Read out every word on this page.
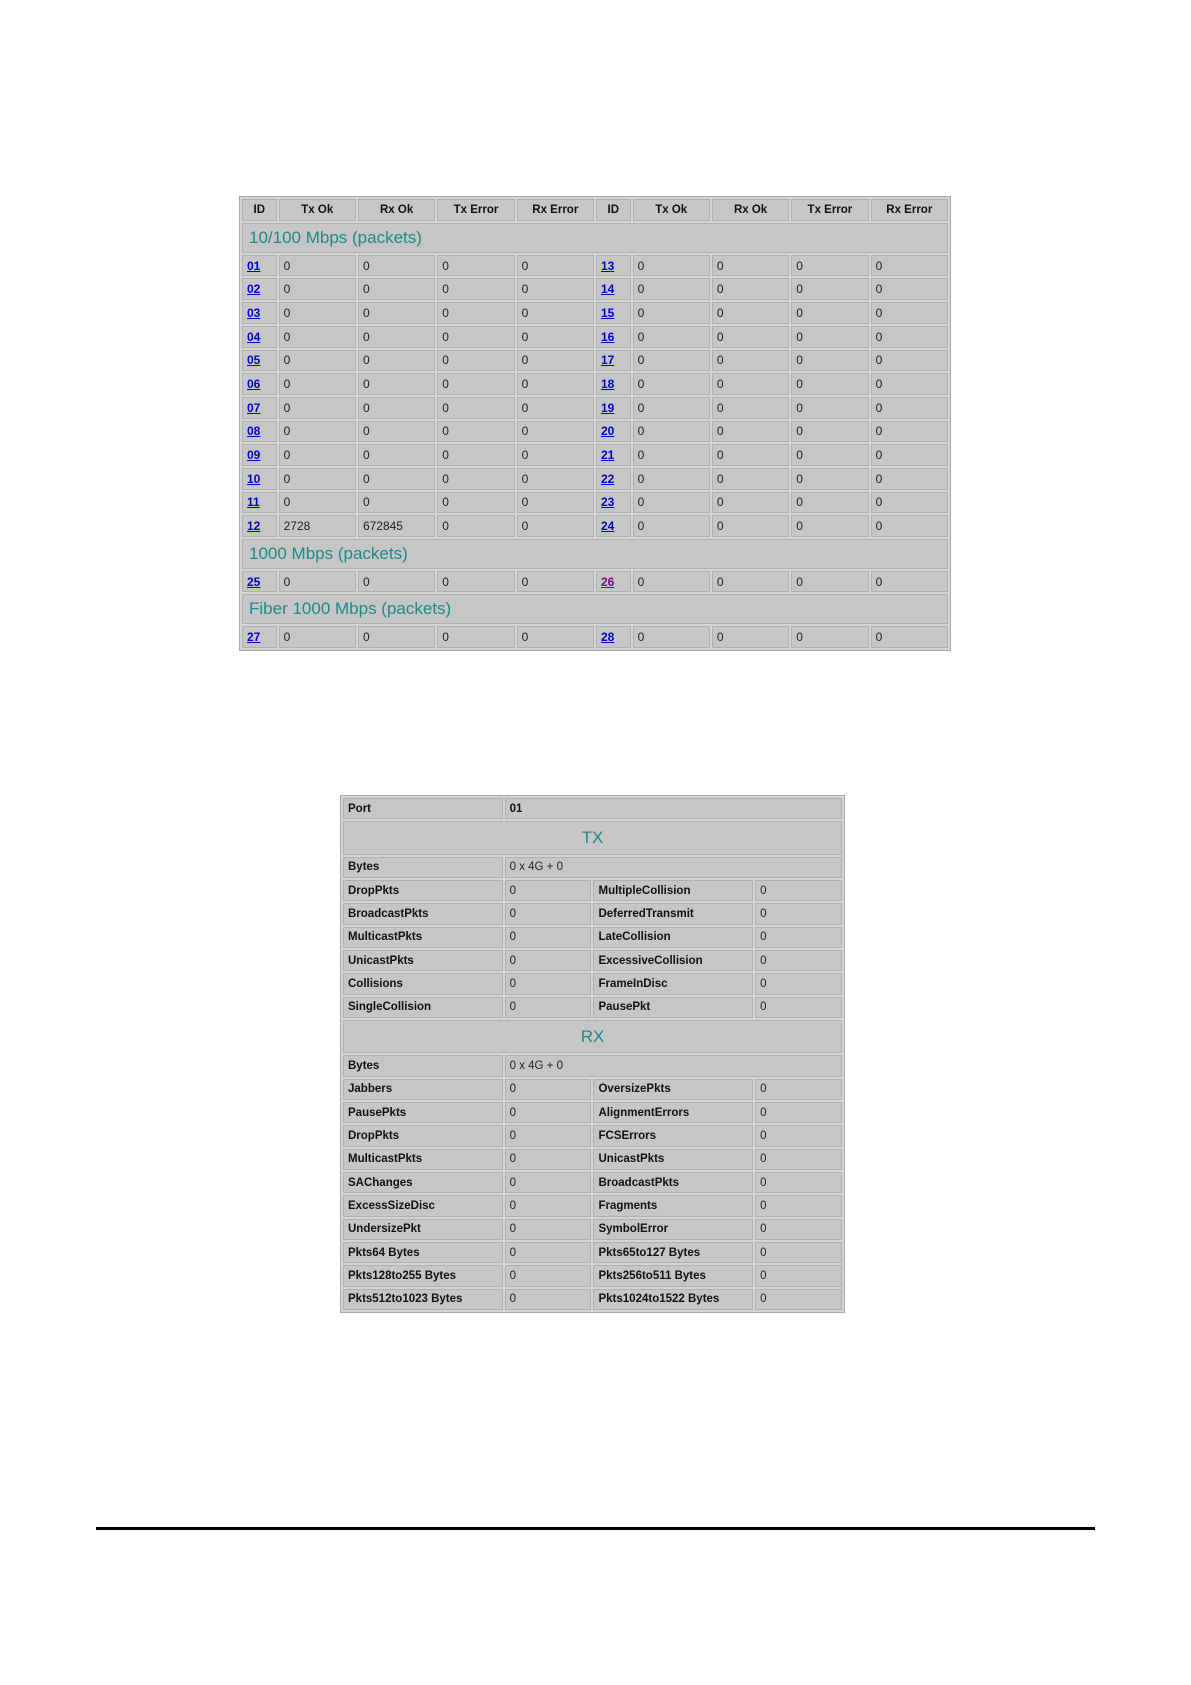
ID	Tx Ok	Rx Ok	Tx Error	Rx Error	ID	Tx Ok	Rx Ok	Tx Error	Rx Error
10/100 Mbps (packets)									
01	0	0	0	0	13	0	0	0	0
02	0	0	0	0	14	0	0	0	0
03	0	0	0	0	15	0	0	0	0
04	0	0	0	0	16	0	0	0	0
05	0	0	0	0	17	0	0	0	0
06	0	0	0	0	18	0	0	0	0
07	0	0	0	0	19	0	0	0	0
08	0	0	0	0	20	0	0	0	0
09	0	0	0	0	21	0	0	0	0
10	0	0	0	0	22	0	0	0	0
11	0	0	0	0	23	0	0	0	0
12	2728	672845	0	0	24	0	0	0	0
1000 Mbps (packets)									
25	0	0	0	0	26	0	0	0	0
Fiber 1000 Mbps (packets)									
27	0	0	0	0	28	0	0	0	0
Port	01		
TX			
Bytes	0 x 4G + 0		
DropPkts	0	MultipleCollision	0
BroadcastPkts	0	DeferredTransmit	0
MulticastPkts	0	LateCollision	0
UnicastPkts	0	ExcessiveCollision	0
Collisions	0	FrameInDisc	0
SingleCollision	0	PausePkt	0
RX			
Bytes	0 x 4G + 0		
Jabbers	0	OversizePkts	0
PausePkts	0	AlignmentErrors	0
DropPkts	0	FCSErrors	0
MulticastPkts	0	UnicastPkts	0
SAChanges	0	BroadcastPkts	0
ExcessSizeDisc	0	Fragments	0
UndersizePkt	0	SymbolError	0
Pkts64 Bytes	0	Pkts65to127 Bytes	0
Pkts128to255 Bytes	0	Pkts256to511 Bytes	0
Pkts512to1023 Bytes	0	Pkts1024to1522 Bytes	0
